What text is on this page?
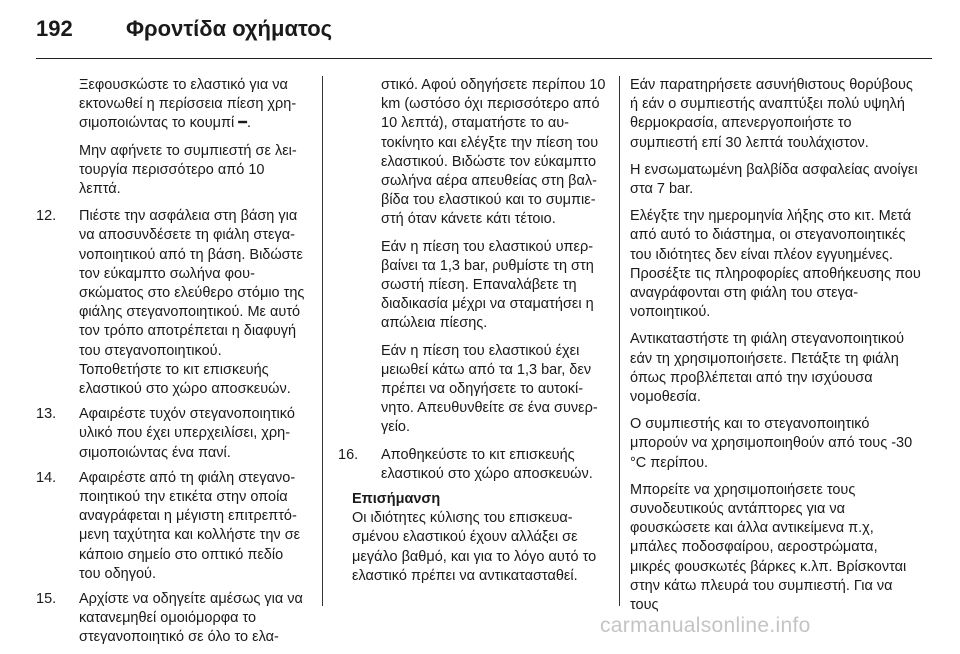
192 Φροντίδα οχήματος

Ξεφουσκώστε το ελαστικό για να εκτονωθεί η περίσσεια πίεση χρησιμοποιώντας το κουμπί ━.

Μην αφήνετε το συμπιεστή σε λειτουργία περισσότερο από 10 λεπτά.

12.	Πιέστε την ασφάλεια στη βάση για να αποσυνδέσετε τη φιάλη στεγανοποιητικού από τη βάση. Βιδώστε τον εύκαμπτο σωλήνα φουσκώματος στο ελεύθερο στόμιο της φιάλης στεγανοποιητικού. Με αυτό τον τρόπο αποτρέπεται η διαφυγή του στεγανοποιητικού. Τοποθετήστε το κιτ επισκευής ελαστικού στο χώρο αποσκευών.
13.	Αφαιρέστε τυχόν στεγανοποιητικό υλικό που έχει υπερχειλίσει, χρησιμοποιώντας ένα πανί.
14.	Αφαιρέστε από τη φιάλη στεγανοποιητικού την ετικέτα στην οποία αναγράφεται η μέγιστη επιτρεπτόμενη ταχύτητα και κολλήστε την σε κάποιο σημείο στο οπτικό πεδίο του οδηγού.
15.	Αρχίστε να οδηγείτε αμέσως για να κατανεμηθεί ομοιόμορφα το στεγανοποιητικό σε όλο το ελα-

στικό. Αφού οδηγήσετε περίπου 10 km (ωστόσο όχι περισσότερο από 10 λεπτά), σταματήστε το αυτοκίνητο και ελέγξτε την πίεση του ελαστικού. Βιδώστε τον εύκαμπτο σωλήνα αέρα απευθείας στη βαλβίδα του ελαστικού και το συμπιεστή όταν κάνετε κάτι τέτοιο.

Εάν η πίεση του ελαστικού υπερβαίνει τα 1,3 bar, ρυθμίστε τη στη σωστή πίεση. Επαναλάβετε τη διαδικασία μέχρι να σταματήσει η απώλεια πίεσης.

Εάν η πίεση του ελαστικού έχει μειωθεί κάτω από τα 1,3 bar, δεν πρέπει να οδηγήσετε το αυτοκίνητο. Απευθυνθείτε σε ένα συνεργείο.

16.	Αποθηκεύστε το κιτ επισκευής ελαστικού στο χώρο αποσκευών.
Επισήμανση
Οι ιδιότητες κύλισης του επισκευασμένου ελαστικού έχουν αλλάξει σε μεγάλο βαθμό, και για το λόγο αυτό το ελαστικό πρέπει να αντικατασταθεί.

Εάν παρατηρήσετε ασυνήθιστους θορύβους ή εάν ο συμπιεστής αναπτύξει πολύ υψηλή θερμοκρασία, απενεργοποιήστε το συμπιεστή επί 30 λεπτά τουλάχιστον.

Η ενσωματωμένη βαλβίδα ασφαλείας ανοίγει στα 7 bar.

Ελέγξτε την ημερομηνία λήξης στο κιτ. Μετά από αυτό το διάστημα, οι στεγανοποιητικές του ιδιότητες δεν είναι πλέον εγγυημένες. Προσέξτε τις πληροφορίες αποθήκευσης που αναγράφονται στη φιάλη του στεγανοποιητικού.

Αντικαταστήστε τη φιάλη στεγανοποιητικού εάν τη χρησιμοποιήσετε. Πετάξτε τη φιάλη όπως προβλέπεται από την ισχύουσα νομοθεσία.

Ο συμπιεστής και το στεγανοποιητικό μπορούν να χρησιμοποιηθούν από τους -30 °C περίπου.

Μπορείτε να χρησιμοποιήσετε τους συνοδευτικούς αντάπτορες για να φουσκώσετε και άλλα αντικείμενα π.χ, μπάλες ποδοσφαίρου, αεροστρώματα, μικρές φουσκωτές βάρκες κ.λπ. Βρίσκονται στην κάτω πλευρά του συμπιεστή. Για να τους

carmanualsonline.info
